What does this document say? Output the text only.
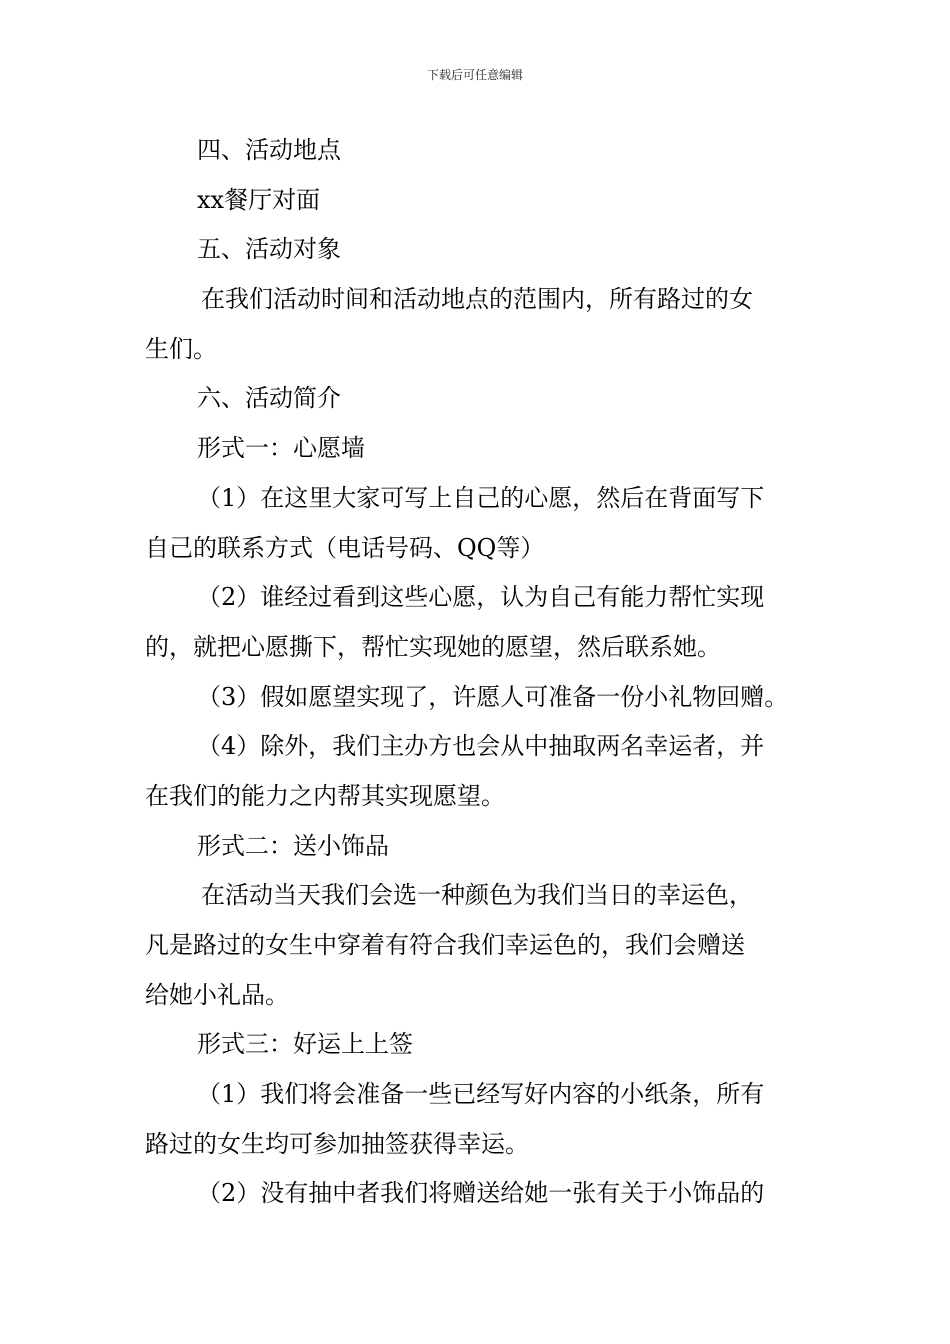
下载后可任意编辑
四、活动地点
xx餐厅对面
五、活动对象
在我们活动时间和活动地点的范围内，所有路过的女
生们。
六、活动简介
形式一：心愿墙
（1）在这里大家可写上自己的心愿，然后在背面写下
自己的联系方式（电话号码、QQ等）
（2）谁经过看到这些心愿，认为自己有能力帮忙实现
的，就把心愿撕下，帮忙实现她的愿望，然后联系她。
（3）假如愿望实现了，许愿人可准备一份小礼物回赠。
（4）除外，我们主办方也会从中抽取两名幸运者，并
在我们的能力之内帮其实现愿望。
形式二：送小饰品
在活动当天我们会选一种颜色为我们当日的幸运色，
凡是路过的女生中穿着有符合我们幸运色的，我们会赠送
给她小礼品。
形式三：好运上上签
（1）我们将会准备一些已经写好内容的小纸条，所有
路过的女生均可参加抽签获得幸运。
（2）没有抽中者我们将赠送给她一张有关于小饰品的
